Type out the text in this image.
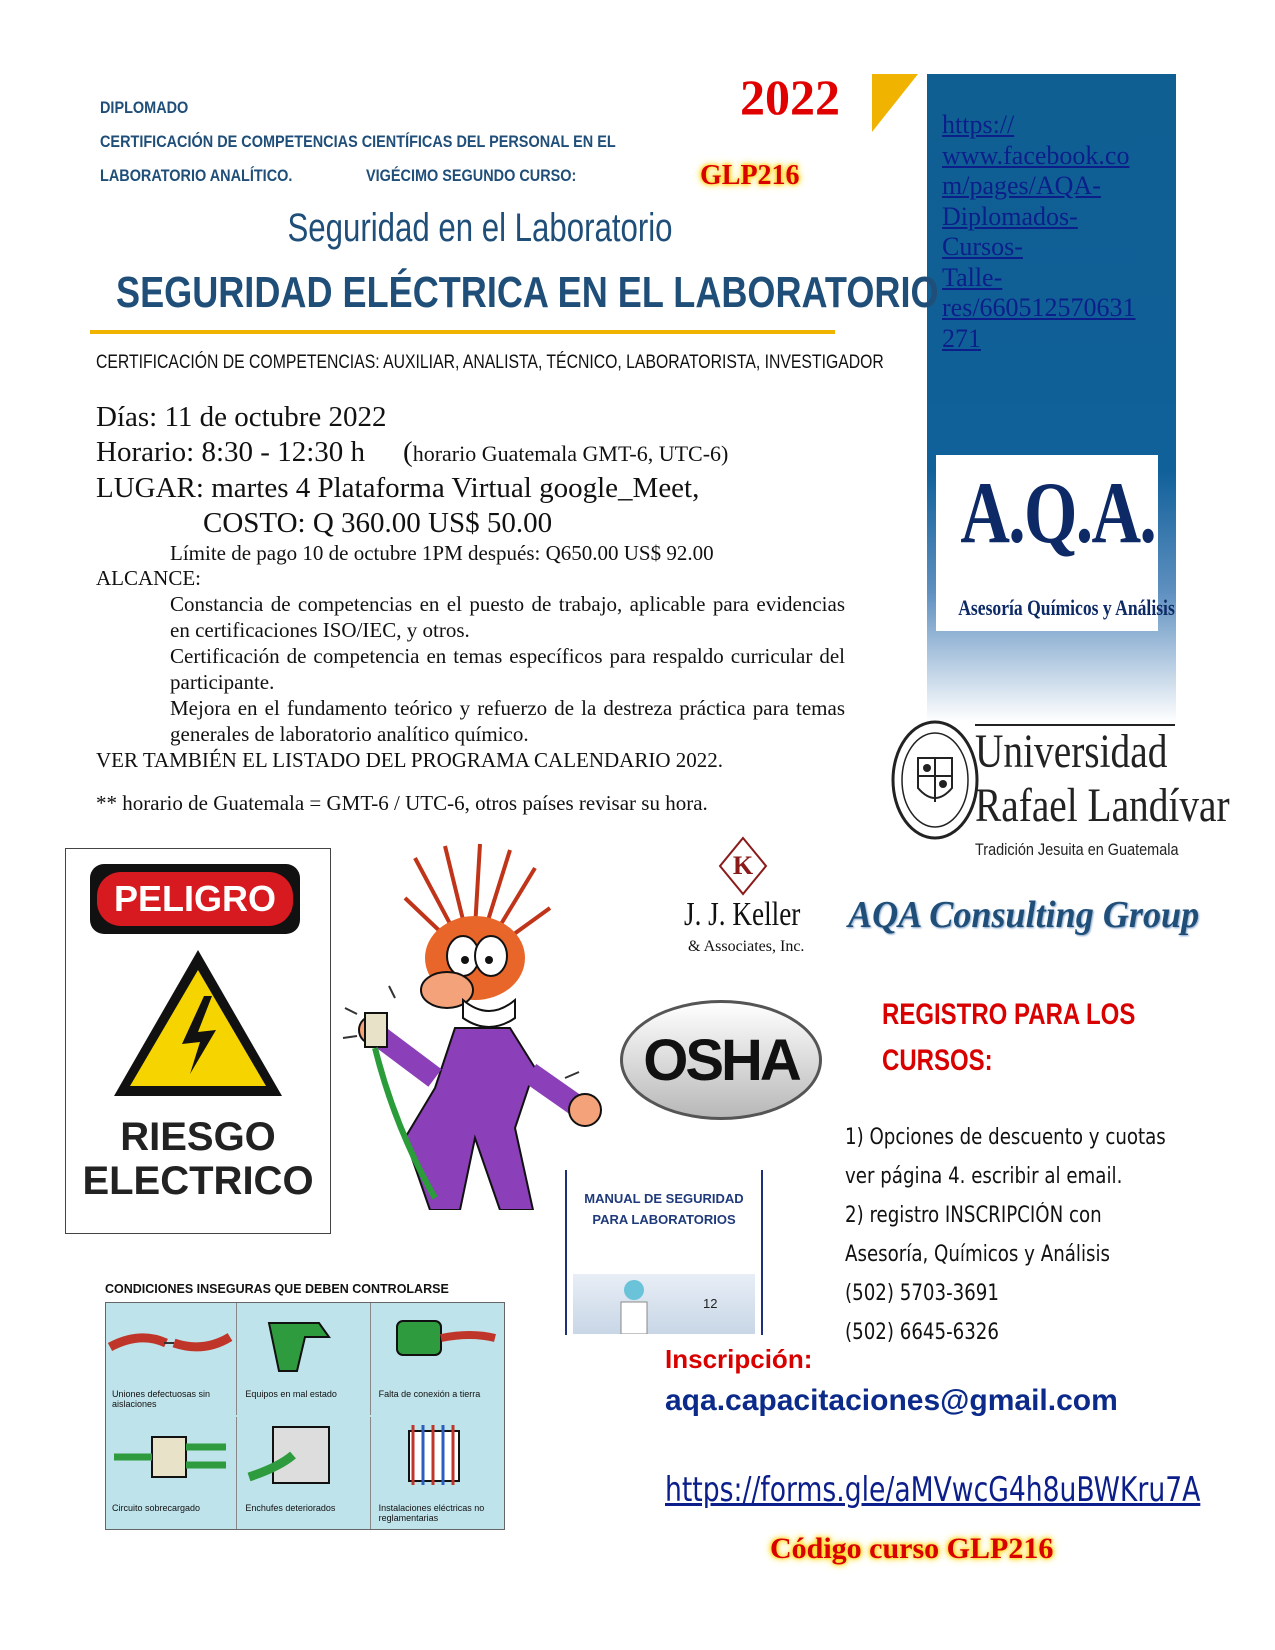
DIPLOMADO
CERTIFICACIÓN DE COMPETENCIAS CIENTÍFICAS DEL PERSONAL EN EL
LABORATORIO ANALÍTICO.	VIGÉCIMO SEGUNDO CURSO:
2022
GLP216
https://
www.facebook.co
m/pages/AQA-
Diplomados-
Cursos-
Talle-
res/660512570631
271
Seguridad en el Laboratorio
SEGURIDAD ELÉCTRICA EN EL LABORATORIO
CERTIFICACIÓN DE COMPETENCIAS: AUXILIAR, ANALISTA, TÉCNICO, LABORATORISTA, INVESTIGADOR
Días: 11 de octubre 2022
Horario: 8:30 - 12:30 h (horario Guatemala GMT-6, UTC-6)
LUGAR: martes 4 Plataforma Virtual google_Meet,
COSTO: Q 360.00 US$ 50.00
Límite de pago 10 de octubre 1PM después: Q650.00 US$ 92.00
ALCANCE:
Constancia de competencias en el puesto de trabajo, aplicable para evidencias en certificaciones ISO/IEC, y otros.
Certificación de competencia en temas específicos para respaldo curricular del participante.
Mejora en el fundamento teórico y refuerzo de la destreza práctica para temas generales de laboratorio analítico químico.
VER TAMBIÉN EL LISTADO DEL PROGRAMA CALENDARIO 2022.
** horario de Guatemala = GMT-6 / UTC-6, otros países revisar su hora.
A.Q.A.
Asesoría Químicos y Análisis
Universidad
Rafael Landívar
Tradición Jesuita en Guatemala
AQA Consulting Group
PELIGRO
RIESGO
ELECTRICO
K
J. J. Keller
& Associates, Inc.
OSHA
REGISTRO PARA LOS
CURSOS:
1) Opciones de descuento y cuotas
ver página 4. escribir al email.
2) registro INSCRIPCIÓN con
Asesoría, Químicos y Análisis
(502) 5703-3691
(502) 6645-6326
MANUAL DE SEGURIDAD PARA LABORATORIOS
12
CONDICIONES INSEGURAS QUE DEBEN CONTROLARSE
Uniones defectuosas sin aislaciones
Equipos en mal estado	Falta de conexión a tierra
Circuito sobrecargado	Enchufes deteriorados	Instalaciones eléctricas no reglamentarias
Inscripción:
aqa.capacitaciones@gmail.com
https://forms.gle/aMVwcG4h8uBWKru7A
Código curso GLP216
